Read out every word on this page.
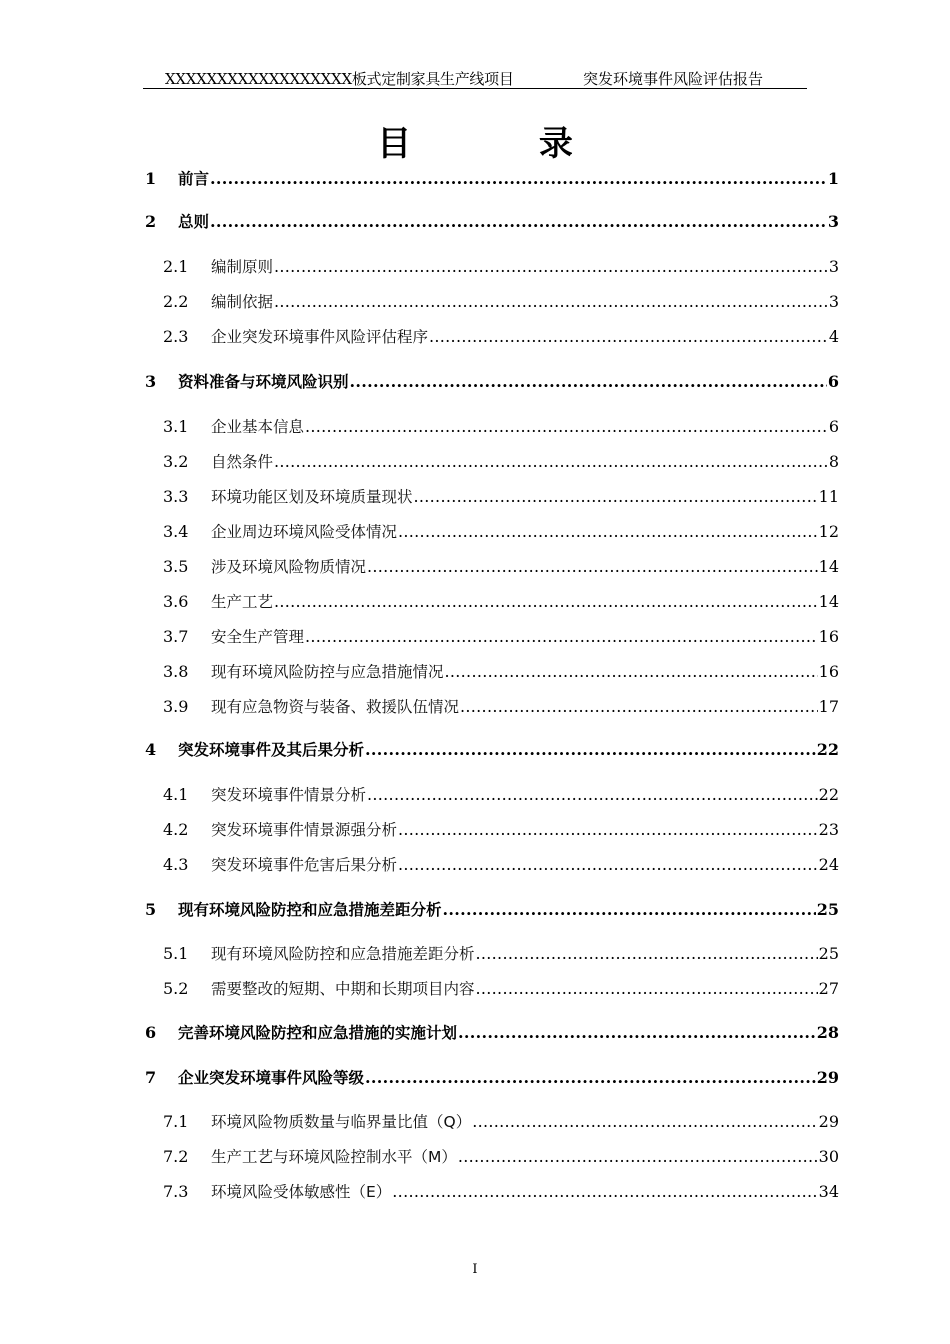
XXXXXXXXXXXXXXXXXX板式定制家具生产线项目	突发环境事件风险评估报告
目 录
1	前言 .....	1
2	总则 .....	3
2.1	编制原则 .....	3
2.2	编制依据 .....	3
2.3	企业突发环境事件风险评估程序 .....	4
3	资料准备与环境风险识别 .....	6
3.1	企业基本信息 .....	6
3.2	自然条件 .....	8
3.3	环境功能区划及环境质量现状 .....	11
3.4	企业周边环境风险受体情况 .....	12
3.5	涉及环境风险物质情况 .....	14
3.6	生产工艺 .....	14
3.7	安全生产管理 .....	16
3.8	现有环境风险防控与应急措施情况 .....	16
3.9	现有应急物资与装备、救援队伍情况 .....	17
4	突发环境事件及其后果分析 .....	22
4.1	突发环境事件情景分析 .....	22
4.2	突发环境事件情景源强分析 .....	23
4.3	突发环境事件危害后果分析 .....	24
5	现有环境风险防控和应急措施差距分析 .....	25
5.1	现有环境风险防控和应急措施差距分析 .....	25
5.2	需要整改的短期、中期和长期项目内容 .....	27
6	完善环境风险防控和应急措施的实施计划 .....	28
7	企业突发环境事件风险等级 .....	29
7.1	环境风险物质数量与临界量比值（Q） .....	29
7.2	生产工艺与环境风险控制水平（M） .....	30
7.3	环境风险受体敏感性（E） .....	34
I
